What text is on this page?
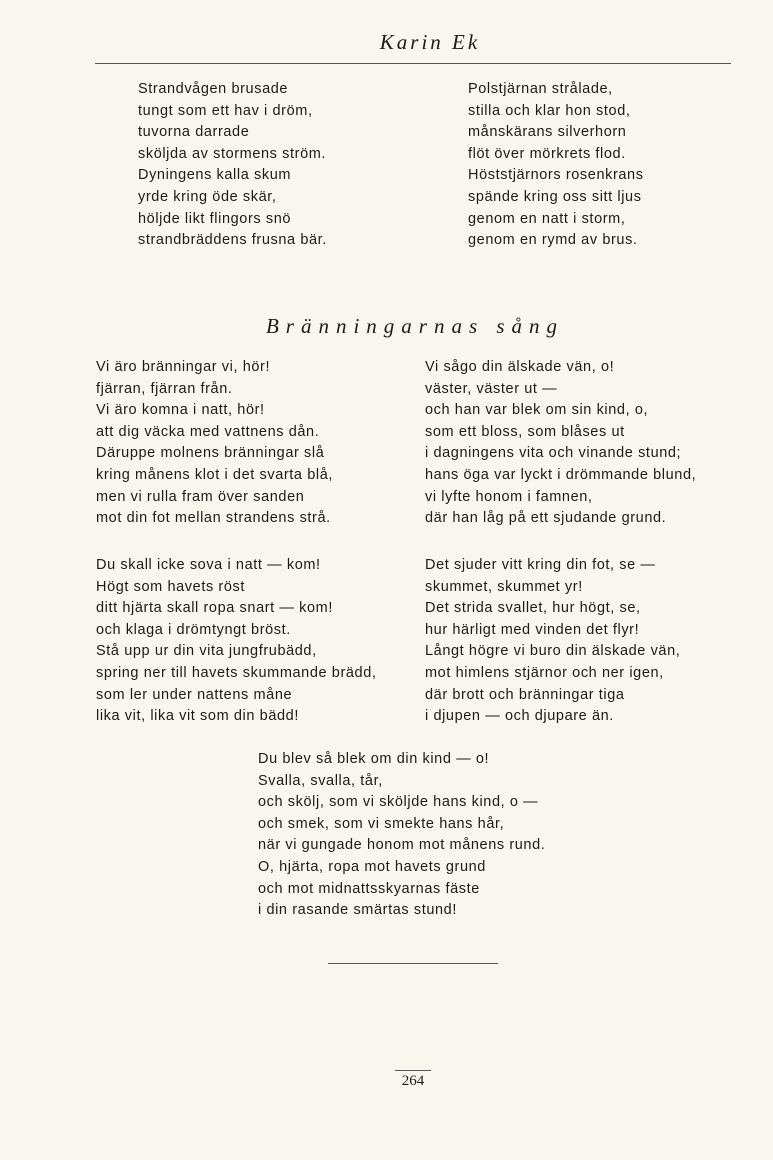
Karin Ek
Strandvågen brusade
tungt som ett hav i dröm,
tuvorna darrade
sköljda av stormens ström.
Dyningens kalla skum
yrde kring öde skär,
höljde likt flingors snö
strandbräddens frusna bär.
Polstjärnan strålade,
stilla och klar hon stod,
månskärans silverhorn
flöt över mörkrets flod.
Höststjärnors rosenkrans
spände kring oss sitt ljus
genom en natt i storm,
genom en rymd av brus.
Bränningarnas sång
Vi äro bränningar vi, hör!
fjärran, fjärran från.
Vi äro komna i natt, hör!
att dig väcka med vattnens dån.
Däruppe molnens bränningar slå
kring månens klot i det svarta blå,
men vi rulla fram över sanden
mot din fot mellan strandens strå.
Vi sågo din älskade vän, o!
väster, väster ut —
och han var blek om sin kind, o,
som ett bloss, som blåses ut
i dagningens vita och vinande stund;
hans öga var lyckt i drömmande blund,
vi lyfte honom i famnen,
där han låg på ett sjudande grund.
Du skall icke sova i natt — kom!
Högt som havets röst
ditt hjärta skall ropa snart — kom!
och klaga i drömtyngt bröst.
Stå upp ur din vita jungfrubädd,
spring ner till havets skummande brädd,
som ler under nattens måne
lika vit, lika vit som din bädd!
Det sjuder vitt kring din fot, se —
skummet, skummet yr!
Det strida svallet, hur högt, se,
hur härligt med vinden det flyr!
Långt högre vi buro din älskade vän,
mot himlens stjärnor och ner igen,
där brott och bränningar tiga
i djupen — och djupare än.
Du blev så blek om din kind — o!
Svalla, svalla, tår,
och skölj, som vi sköljde hans kind, o —
och smek, som vi smekte hans hår,
när vi gungade honom mot månens rund.
O, hjärta, ropa mot havets grund
och mot midnattsskyarnas fäste
i din rasande smärtas stund!
264
